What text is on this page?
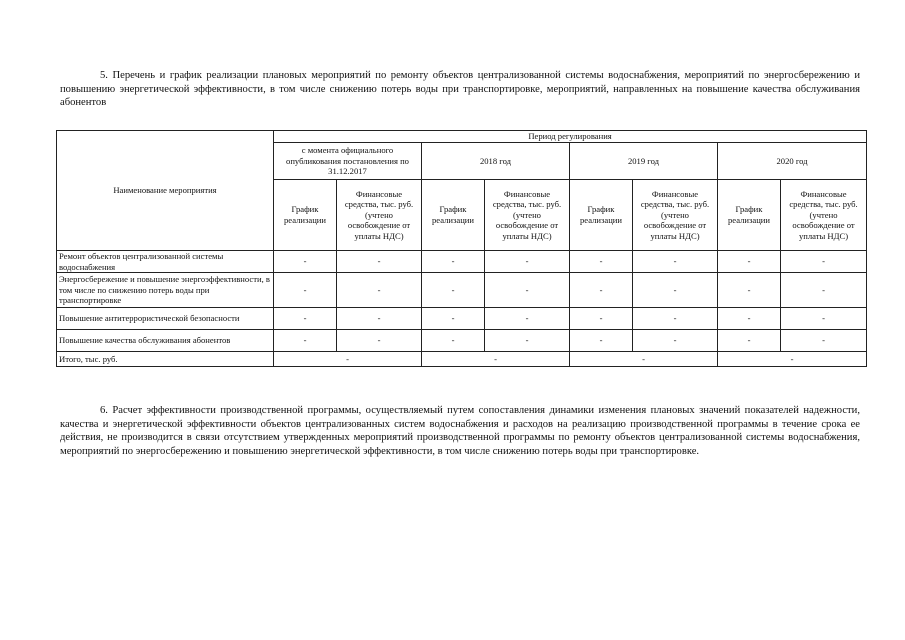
5. Перечень и график реализации плановых мероприятий по ремонту объектов централизованной системы водоснабжения, мероприятий по энергосбережению и повышению энергетической эффективности, в том числе снижению потерь воды при транспортировке, мероприятий, направленных на повышение качества обслуживания абонентов

Наименование мероприятия	Период регулирования							
	с момента официального опубликования постановления по 31.12.2017		2018 год		2019 год		2020 год	
	График реализации	Финансовые средства, тыс. руб. (учтено освобождение от уплаты НДС)	График реализации	Финансовые средства, тыс. руб. (учтено освобождение от уплаты НДС)	График реализации	Финансовые средства, тыс. руб. (учтено освобождение от уплаты НДС)	График реализации	Финансовые средства, тыс. руб. (учтено освобождение от уплаты НДС)
Ремонт объектов централизованной системы водоснабжения	-	-	-	-	-	-	-	-
Энергосбережение и повышение энергоэффективности, в том числе по снижению потерь воды при транспортировке	-	-	-	-	-	-	-	-
Повышение антитеррористической безопасности	-	-	-	-	-	-	-	-
Повышение качества обслуживания абонентов	-	-	-	-	-	-	-	-
Итого, тыс. руб.	-		-		-		-	

6. Расчет эффективности производственной программы, осуществляемый путем сопоставления динамики изменения плановых значений показателей надежности, качества и энергетической эффективности объектов централизованных систем водоснабжения и расходов на реализацию производственной программы в течение срока ее действия, не производится в связи отсутствием утвержденных мероприятий производственной программы по ремонту объектов централизованной системы водоснабжения, мероприятий по энергосбережению и повышению энергетической эффективности, в том числе снижению потерь воды при транспортировке.
